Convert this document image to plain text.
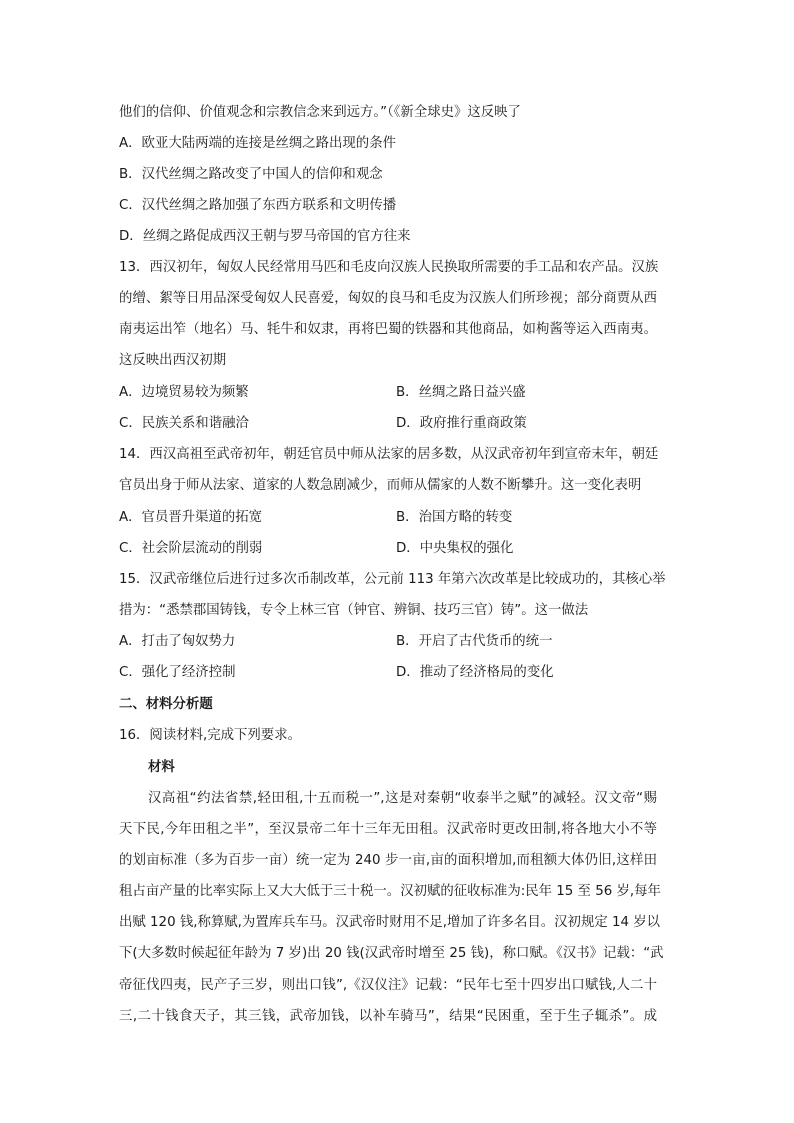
他们的信仰、价值观念和宗教信念来到远方。”（《新全球史》这反映了
A．欧亚大陆两端的连接是丝绸之路出现的条件
B．汉代丝绸之路改变了中国人的信仰和观念
C．汉代丝绸之路加强了东西方联系和文明传播
D．丝绸之路促成西汉王朝与罗马帝国的官方往来
13．西汉初年，匈奴人民经常用马匹和毛皮向汉族人民换取所需要的手工品和农产品。汉族
的缯、絮等日用品深受匈奴人民喜爱，匈奴的良马和毛皮为汉族人们所珍视；部分商贾从西
南夷运出笮（地名）马、牦牛和奴隶，再将巴蜀的铁器和其他商品，如枸酱等运入西南夷。
这反映出西汉初期
A．边境贸易较为频繁	B．丝绸之路日益兴盛
C．民族关系和谐融洽	D．政府推行重商政策
14．西汉高祖至武帝初年，朝廷官员中师从法家的居多数，从汉武帝初年到宣帝末年，朝廷
官员出身于师从法家、道家的人数急剧减少，而师从儒家的人数不断攀升。这一变化表明
A．官员晋升渠道的拓宽	B．治国方略的转变
C．社会阶层流动的削弱	D．中央集权的强化
15．汉武帝继位后进行过多次币制改革，公元前 113 年第六次改革是比较成功的，其核心举
措为：“悉禁郡国铸钱，专令上林三官（钟官、辨铜、技巧三官）铸”。这一做法
A．打击了匈奴势力	B．开启了古代货币的统一
C．强化了经济控制	D．推动了经济格局的变化
二、材料分析题
16．阅读材料,完成下列要求。
材料
汉高祖“约法省禁,轻田租,十五而税一”,这是对秦朝“收泰半之赋”的减轻。汉文帝“赐
天下民,今年田租之半”，至汉景帝二年十三年无田租。汉武帝时更改田制,将各地大小不等
的划亩标准（多为百步一亩）统一定为 240 步一亩,亩的面积增加,而租额大体仍旧,这样田
租占亩产量的比率实际上又大大低于三十税一。汉初赋的征收标准为:民年 15 至 56 岁,每年
出赋 120 钱,称算赋,为置库兵车马。汉武帝时财用不足,增加了许多名目。汉初规定 14 岁以
下(大多数时候起征年龄为 7 岁)出 20 钱(汉武帝时增至 25 钱)，称口赋。《汉书》记载：“武
帝征伐四夷，民产子三岁，则出口钱”,《汉仪注》记载：“民年七至十四岁出口赋钱,人二十
三,二十钱食天子，其三钱，武帝加钱，以补车骑马”，结果“民困重，至于生子辄杀”。成
